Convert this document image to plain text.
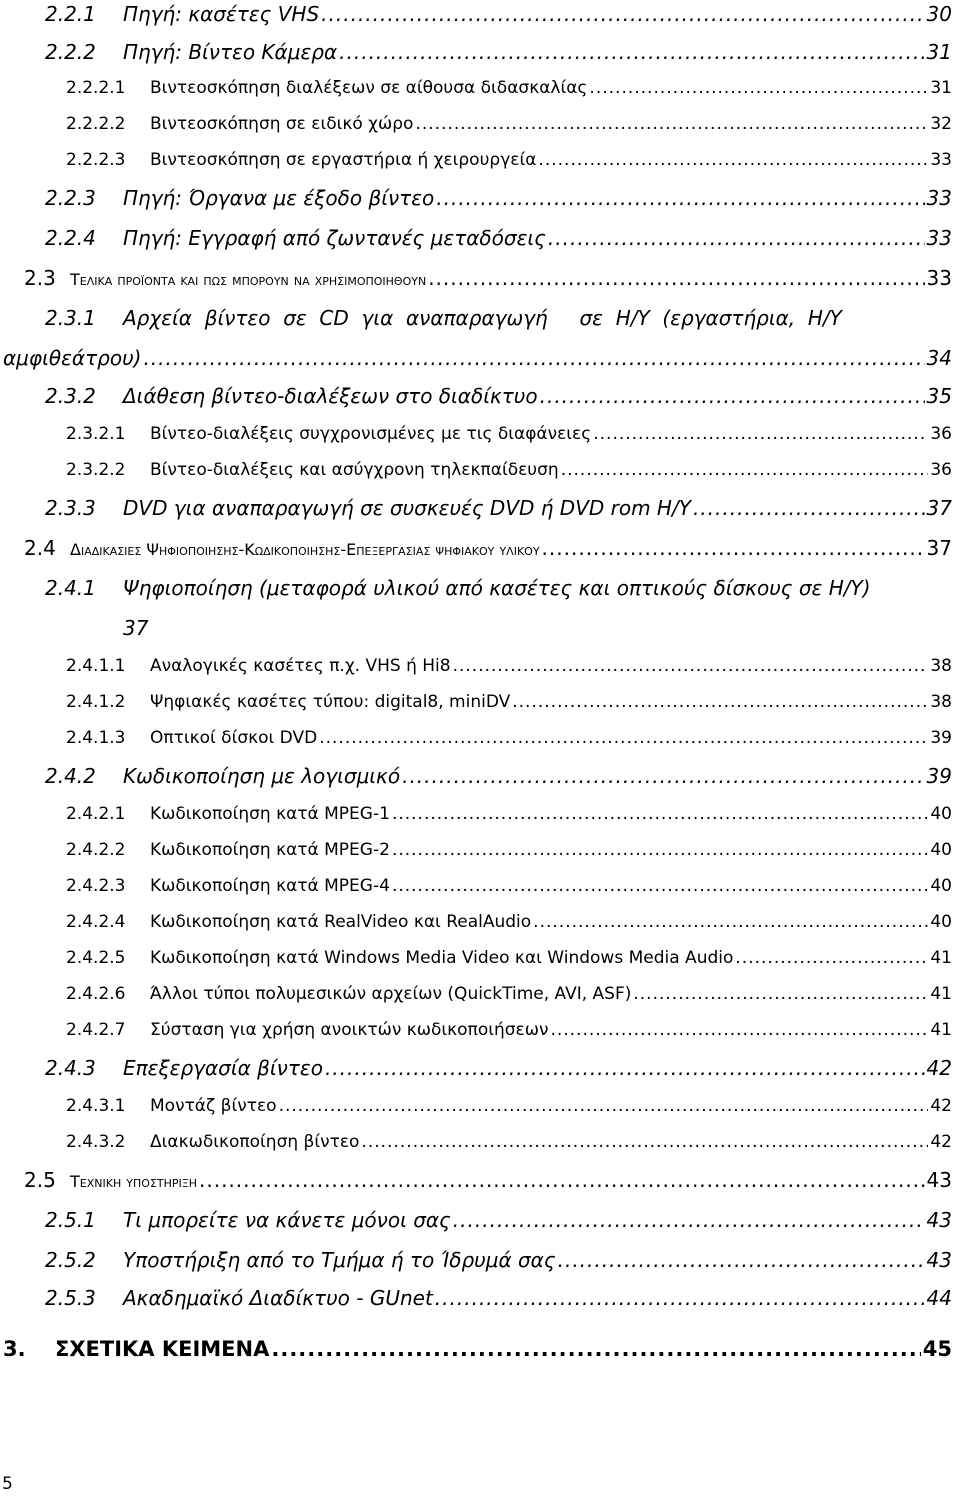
2.2.1	Πηγή: κασέτες VHS .....	30
2.2.2	Πηγή: Βίντεο Κάμερα .....	31
2.2.2.1	Βιντεοσκόπηση διαλέξεων σε αίθουσα διδασκαλίας .....	31
2.2.2.2	Βιντεοσκόπηση σε ειδικό χώρο .....	32
2.2.2.3	Βιντεοσκόπηση σε εργαστήρια ή χειρουργεία .....	33
2.2.3	Πηγή: Όργανα με έξοδο βίντεο .....	33
2.2.4	Πηγή: Εγγραφή από ζωντανές μεταδόσεις .....	33
2.3 Τελικα προϊοντα και πως μπορουν να χρησιμοποιηθουν .....	33
2.3.1	Αρχεία  βίντεο  σε  CD  για  αναπαραγωγή     σε  Η/Υ  (εργαστήρια,  Η/Υ
αμφιθεάτρου) .....	34
2.3.2	Διάθεση βίντεο-διαλέξεων στο διαδίκτυο .....	35
2.3.2.1	Βίντεο-διαλέξεις συγχρονισμένες με τις διαφάνειες .....	36
2.3.2.2	Βίντεο-διαλέξεις και ασύγχρονη τηλεκπαίδευση .....	36
2.3.3	DVD για αναπαραγωγή σε συσκευές DVD ή DVD rom Η/Υ .....	37
2.4 Διαδικασιες Ψηφιοποιησης-Κωδικοποιησης-Επεξεργασιας ψηφιακου υλικου .....	37
2.4.1 Ψηφιοποίηση (μεταφορά υλικού από κασέτες και οπτικούς δίσκους σε Η/Υ)
37
2.4.1.1	Αναλογικές κασέτες π.χ. VHS ή Hi8 .....	38
2.4.1.2	Ψηφιακές κασέτες τύπου: digital8, miniDV .....	38
2.4.1.3	Οπτικοί δίσκοι DVD .....	39
2.4.2	Κωδικοποίηση με λογισμικό .....	39
2.4.2.1	Κωδικοποίηση κατά MPEG-1 .....	40
2.4.2.2	Κωδικοποίηση κατά MPEG-2 .....	40
2.4.2.3	Κωδικοποίηση κατά MPEG-4 .....	40
2.4.2.4	Κωδικοποίηση κατά RealVideo και RealAudio .....	40
2.4.2.5	Κωδικοποίηση κατά Windows Media Video και Windows Media Audio .....	41
2.4.2.6	Άλλοι τύποι πολυμεσικών αρχείων (QuickTime, AVI, ASF) .....	41
2.4.2.7	Σύσταση για χρήση ανοικτών κωδικοποιήσεων .....	41
2.4.3	Επεξεργασία βίντεο .....	42
2.4.3.1	Μοντάζ βίντεο .....	42
2.4.3.2	Διακωδικοποίηση βίντεο .....	42
2.5 Τεχνικη υποστηριξη .....	43
2.5.1	Τι μπορείτε να κάνετε μόνοι σας .....	43
2.5.2	Υποστήριξη από το Τμήμα ή το Ίδρυμά σας .....	43
2.5.3	Ακαδημαϊκό Διαδίκτυο - GUnet .....	44
3.	ΣΧΕΤΙΚΑ ΚΕΙΜΕΝΑ .....	45
5
